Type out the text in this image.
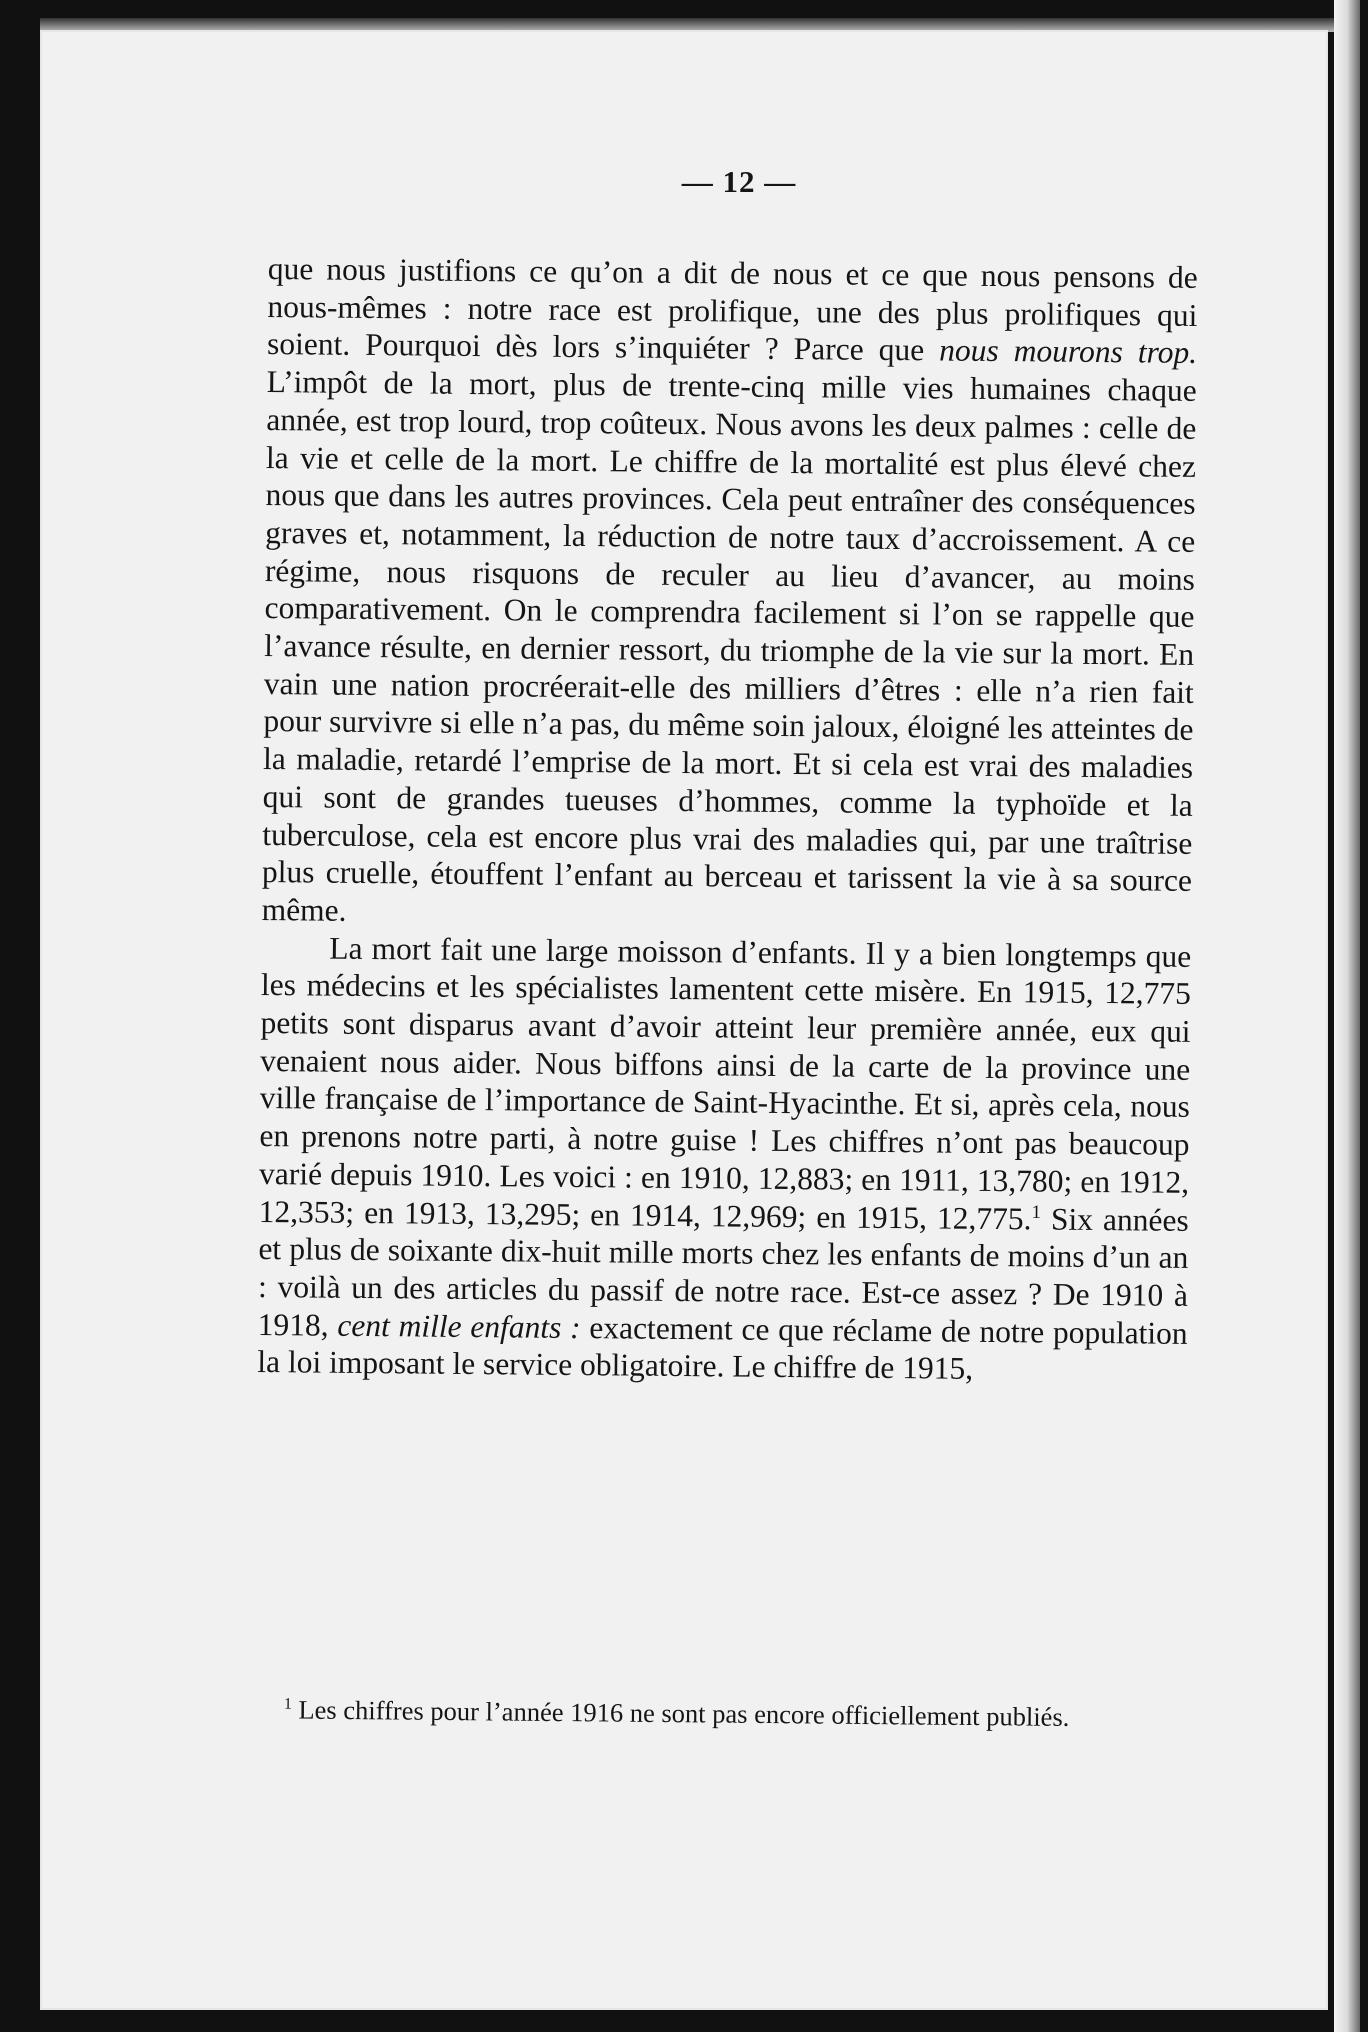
— 12 —

que nous justifions ce qu’on a dit de nous et ce que nous pensons de nous-mêmes : notre race est prolifique, une des plus prolifiques qui soient. Pourquoi dès lors s’inquiéter ? Parce que nous mourons trop. L’impôt de la mort, plus de trente-cinq mille vies humaines chaque année, est trop lourd, trop coûteux. Nous avons les deux palmes : celle de la vie et celle de la mort. Le chiffre de la mortalité est plus élevé chez nous que dans les autres provinces. Cela peut entraîner des conséquences graves et, notamment, la réduction de notre taux d’accroissement. A ce régime, nous risquons de reculer au lieu d’avancer, au moins comparativement. On le comprendra facilement si l’on se rappelle que l’avance résulte, en dernier ressort, du triomphe de la vie sur la mort. En vain une nation procréerait-elle des milliers d’êtres : elle n’a rien fait pour survivre si elle n’a pas, du même soin jaloux, éloigné les atteintes de la maladie, retardé l’emprise de la mort. Et si cela est vrai des maladies qui sont de grandes tueuses d’hommes, comme la typhoïde et la tuberculose, cela est encore plus vrai des maladies qui, par une traîtrise plus cruelle, étouffent l’enfant au berceau et tarissent la vie à sa source même.

La mort fait une large moisson d’enfants. Il y a bien longtemps que les médecins et les spécialistes lamentent cette misère. En 1915, 12,775 petits sont disparus avant d’avoir atteint leur première année, eux qui venaient nous aider. Nous biffons ainsi de la carte de la province une ville française de l’importance de Saint-Hyacinthe. Et si, après cela, nous en prenons notre parti, à notre guise ! Les chiffres n’ont pas beaucoup varié depuis 1910. Les voici : en 1910, 12,883; en 1911, 13,780; en 1912, 12,353; en 1913, 13,295; en 1914, 12,969; en 1915, 12,775.$^1$ Six années et plus de soixante dix-huit mille morts chez les enfants de moins d’un an : voilà un des articles du passif de notre race. Est-ce assez ? De 1910 à 1918, cent mille enfants : exactement ce que réclame de notre population la loi imposant le service obligatoire. Le chiffre de 1915,

$^1$ Les chiffres pour l’année 1916 ne sont pas encore officiellement publiés.
